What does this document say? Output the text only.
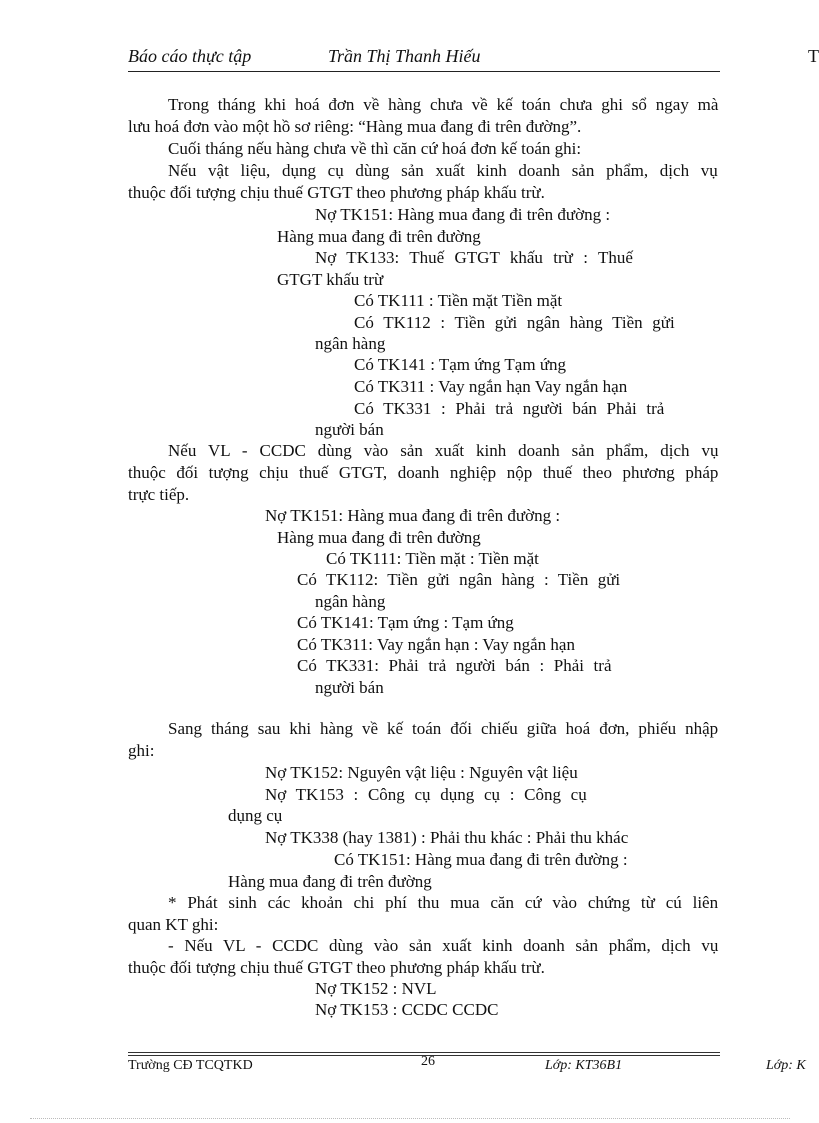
Báo cáo thực tập	Trần Thị Thanh Hiếu	T
Trong tháng khi hoá đơn về hàng chưa về kế toán chưa ghi sổ ngay mà
lưu hoá đơn vào một hồ sơ riêng: “Hàng mua đang đi trên đường”.
Cuối tháng nếu hàng chưa về thì căn cứ hoá đơn kế toán ghi:
Nếu vật liệu, dụng cụ dùng sản xuất kinh doanh sản phẩm, dịch vụ
thuộc đối tượng chịu thuế GTGT theo phương pháp khấu trừ.
Nợ TK151: Hàng mua đang đi trên đường :
Hàng mua đang đi trên đường
Nợ TK133: Thuế GTGT khấu trừ : Thuế
GTGT khấu trừ
Có TK111 : Tiền mặt Tiền mặt
Có TK112 : Tiền gửi ngân hàng Tiền gửi
ngân hàng
Có TK141 : Tạm ứng Tạm ứng
Có TK311 : Vay ngắn hạn Vay ngắn hạn
Có TK331 : Phải trả người bán Phải trả
người bán
Nếu VL - CCDC dùng vào sản xuất kinh doanh sản phẩm, dịch vụ
thuộc đối tượng chịu thuế GTGT, doanh nghiệp nộp thuế theo phương pháp
trực tiếp.
Nợ TK151: Hàng mua đang đi trên đường :
Hàng mua đang đi trên đường
Có TK111: Tiền mặt : Tiền mặt
Có TK112: Tiền gửi ngân hàng : Tiền gửi
ngân hàng
Có TK141: Tạm ứng : Tạm ứng
Có TK311: Vay ngắn hạn : Vay ngắn hạn
Có TK331: Phải trả người bán : Phải trả
người bán
Sang tháng sau khi hàng về kế toán đối chiếu giữa hoá đơn, phiếu nhập
ghi:
Nợ TK152: Nguyên vật liệu : Nguyên vật liệu
Nợ TK153 : Công cụ dụng cụ : Công cụ
dụng cụ
Nợ TK338 (hay 1381) : Phải thu khác : Phải thu khác
Có TK151: Hàng mua đang đi trên đường :
Hàng mua đang đi trên đường
* Phát sinh các khoản chi phí thu mua căn cứ vào chứng từ cú liên
quan KT ghi:
- Nếu VL - CCDC dùng vào sản xuất kinh doanh sản phẩm, dịch vụ
thuộc đối tượng chịu thuế GTGT theo phương pháp khấu trừ.
Nợ TK152 : NVL
Nợ TK153 : CCDC CCDC
Trường CĐ TCQTKD	26	Lớp: KT36B1	Lớp: K
